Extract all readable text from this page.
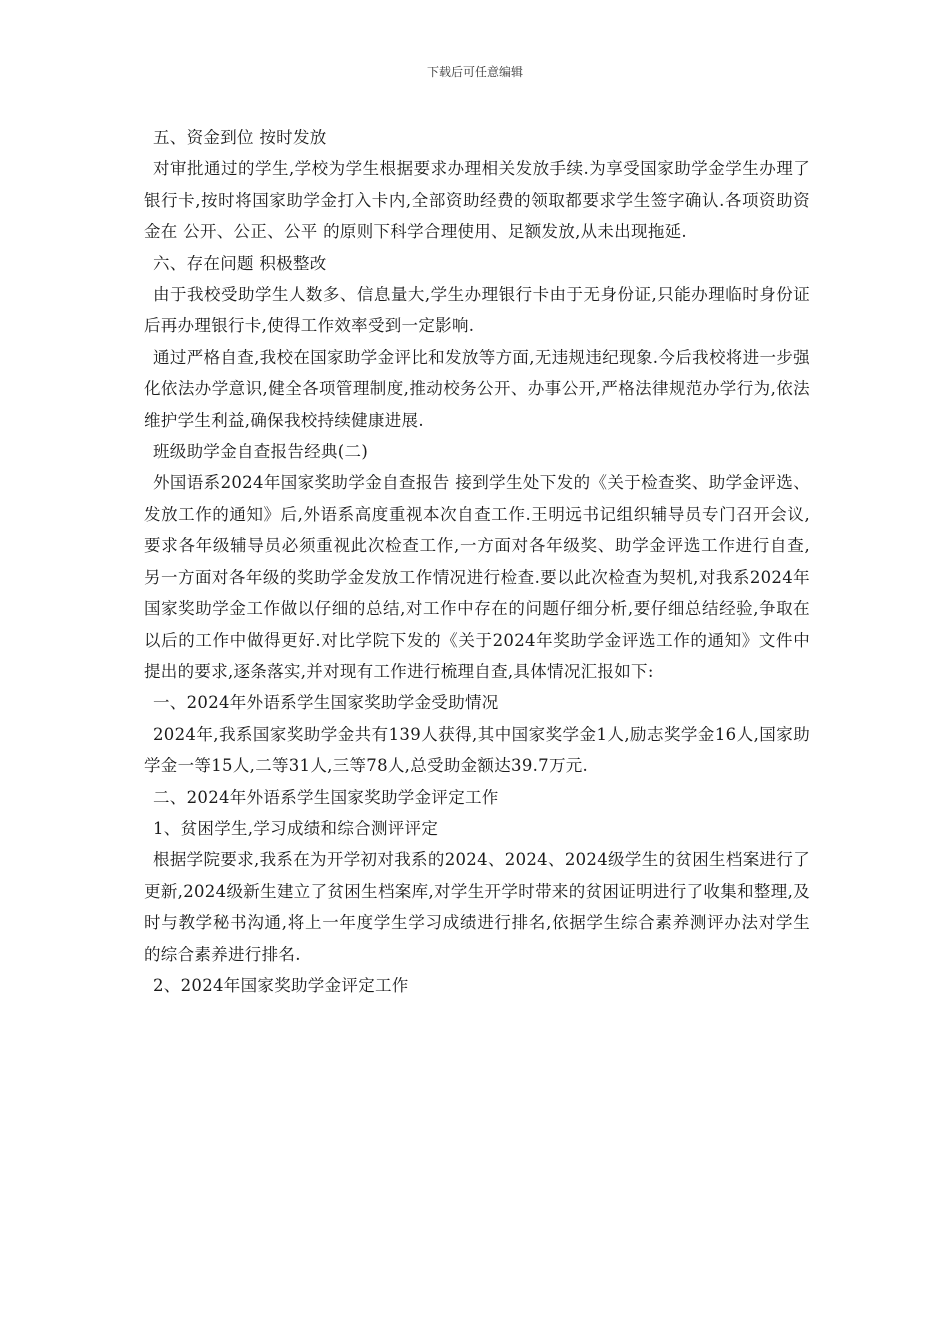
下载后可任意编辑

五、资金到位 按时发放

对审批通过的学生,学校为学生根据要求办理相关发放手续.为享受国家助学金学生办理了银行卡,按时将国家助学金打入卡内,全部资助经费的领取都要求学生签字确认.各项资助资金在 公开、公正、公平 的原则下科学合理使用、足额发放,从未出现拖延.

六、存在问题 积极整改

由于我校受助学生人数多、信息量大,学生办理银行卡由于无身份证,只能办理临时身份证后再办理银行卡,使得工作效率受到一定影响.

通过严格自查,我校在国家助学金评比和发放等方面,无违规违纪现象.今后我校将进一步强化依法办学意识,健全各项管理制度,推动校务公开、办事公开,严格法律规范办学行为,依法维护学生利益,确保我校持续健康进展.

班级助学金自查报告经典(二)

外国语系2024年国家奖助学金自查报告 接到学生处下发的《关于检查奖、助学金评选、发放工作的通知》后,外语系高度重视本次自查工作.王明远书记组织辅导员专门召开会议,要求各年级辅导员必须重视此次检查工作,一方面对各年级奖、助学金评选工作进行自查,另一方面对各年级的奖助学金发放工作情况进行检查.要以此次检查为契机,对我系2024年国家奖助学金工作做以仔细的总结,对工作中存在的问题仔细分析,要仔细总结经验,争取在以后的工作中做得更好.对比学院下发的《关于2024年奖助学金评选工作的通知》文件中提出的要求,逐条落实,并对现有工作进行梳理自查,具体情况汇报如下:

一、2024年外语系学生国家奖助学金受助情况

2024年,我系国家奖助学金共有139人获得,其中国家奖学金1人,励志奖学金16人,国家助学金一等15人,二等31人,三等78人,总受助金额达39.7万元.

二、2024年外语系学生国家奖助学金评定工作

1、贫困学生,学习成绩和综合测评评定

根据学院要求,我系在为开学初对我系的2024、2024、2024级学生的贫困生档案进行了更新,2024级新生建立了贫困生档案库,对学生开学时带来的贫困证明进行了收集和整理,及时与教学秘书沟通,将上一年度学生学习成绩进行排名,依据学生综合素养测评办法对学生的综合素养进行排名.

2、2024年国家奖助学金评定工作
